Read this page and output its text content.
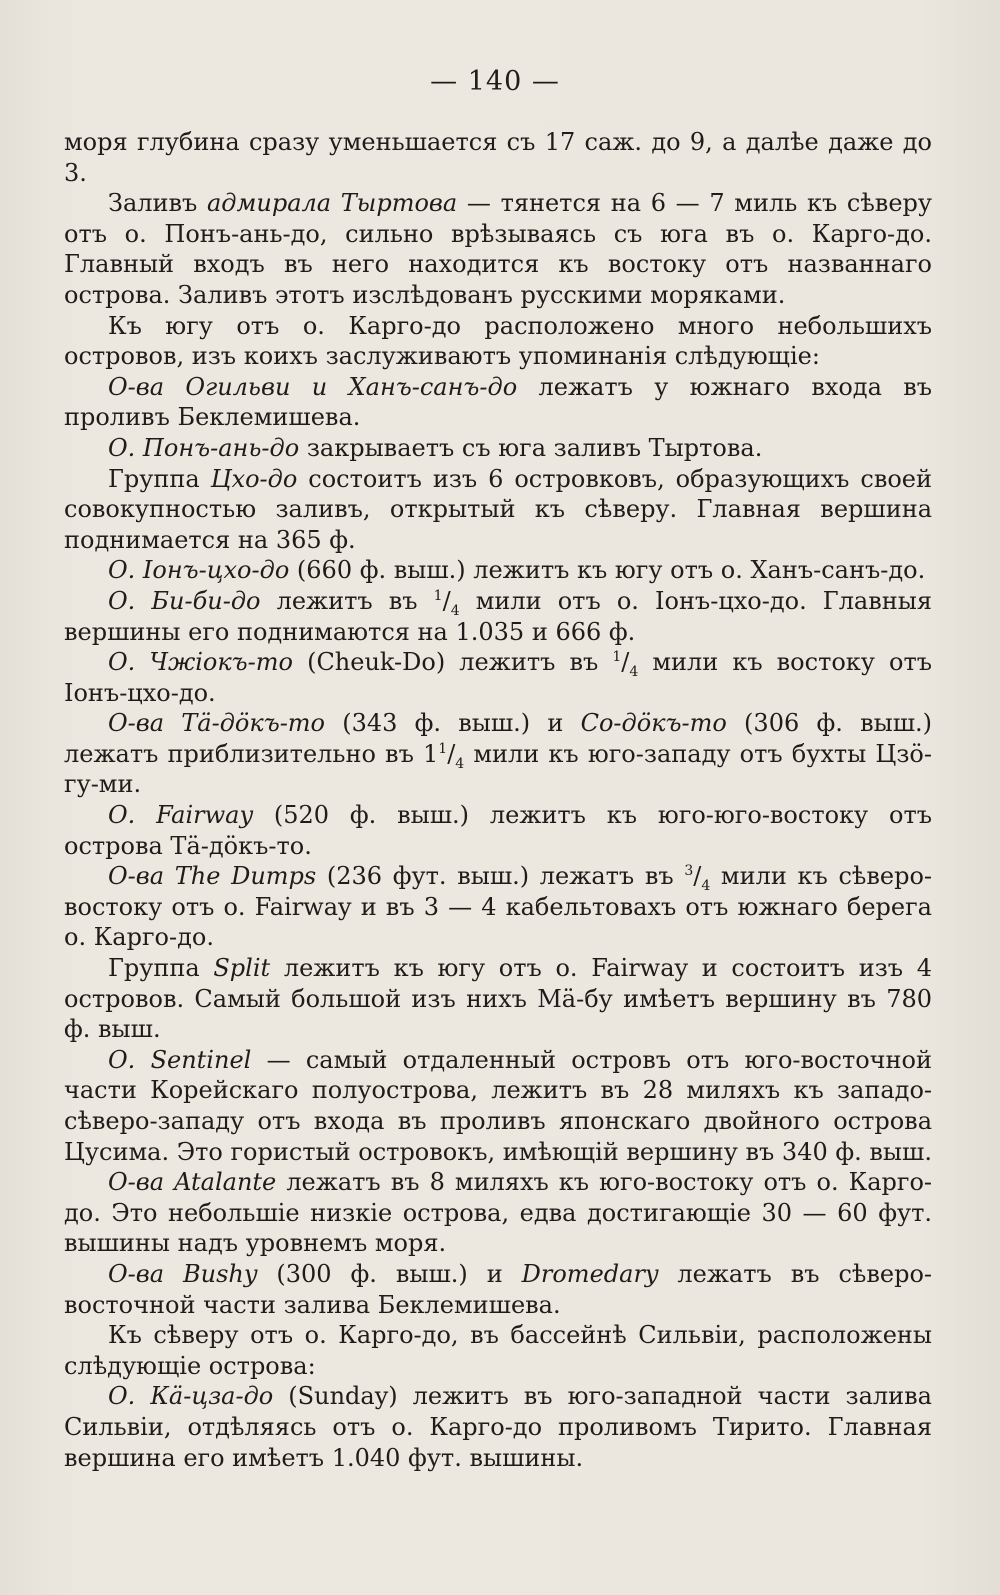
— 140 —

моря глубина сразу уменьшается съ 17 саж. до 9, а далѣе даже до 3.

Заливъ адмирала Тыртова — тянется на 6 — 7 миль къ сѣверу отъ о. Понъ-ань-до, сильно врѣзываясь съ юга въ о. Карго-до. Главный входъ въ него находится къ востоку отъ названнаго острова. Заливъ этотъ изслѣдованъ русскими моряками.

Къ югу отъ о. Карго-до расположено много небольшихъ островов, изъ коихъ заслуживаютъ упоминанія слѣдующіе:

О-ва Огильви и Ханъ-санъ-до лежатъ у южнаго входа въ проливъ Беклемишева.

О. Понъ-ань-до закрываетъ съ юга заливъ Тыртова.

Группа Цхо-до состоитъ изъ 6 островковъ, образующихъ своей совокупностью заливъ, открытый къ сѣверу. Главная вершина поднимается на 365 ф.

О. Іонъ-цхо-до (660 ф. выш.) лежитъ къ югу отъ о. Ханъ-санъ-до.

О. Би-би-до лежитъ въ $^1/_4$ мили отъ о. Іонъ-цхо-до. Главныя вершины его поднимаются на 1.035 и 666 ф.

О. Чжіокъ-то (Cheuk-Do) лежитъ въ $^1/_4$ мили къ востоку отъ Іонъ-цхо-до.

О-ва Тä-дöкъ-то (343 ф. выш.) и Со-дöкъ-то (306 ф. выш.) лежатъ приблизительно въ $1^1/_4$ мили къ юго-западу отъ бухты Цзö-гу-ми.

О. Fairway (520 ф. выш.) лежитъ къ юго-юго-востоку отъ острова Тä-дöкъ-то.

О-ва The Dumps (236 фут. выш.) лежатъ въ $^3/_4$ мили къ сѣверо-востоку отъ о. Fairway и въ 3 — 4 кабельтовахъ отъ южнаго берега о. Карго-до.

Группа Split лежитъ къ югу отъ о. Fairway и состоитъ изъ 4 островов. Самый большой изъ нихъ Мä-бу имѣетъ вершину въ 780 ф. выш.

О. Sentinel — самый отдаленный островъ отъ юго-восточной части Корейскаго полуострова, лежитъ въ 28 миляхъ къ западо-сѣверо-западу отъ входа въ проливъ японскаго двойного острова Цусима. Это гористый островокъ, имѣющій вершину въ 340 ф. выш.

О-ва Atalante лежатъ въ 8 миляхъ къ юго-востоку отъ о. Карго-до. Это небольшіе низкіе острова, едва достигающіе 30 — 60 фут. вышины надъ уровнемъ моря.

О-ва Bushy (300 ф. выш.) и Dromedary лежатъ въ сѣверо-восточной части залива Беклемишева.

Къ сѣверу отъ о. Карго-до, въ бассейнѣ Сильвіи, расположены слѣдующіе острова:

О. Кä-цза-до (Sunday) лежитъ въ юго-западной части залива Сильвіи, отдѣляясь отъ о. Карго-до проливомъ Тирито. Главная вершина его имѣетъ 1.040 фут. вышины.
